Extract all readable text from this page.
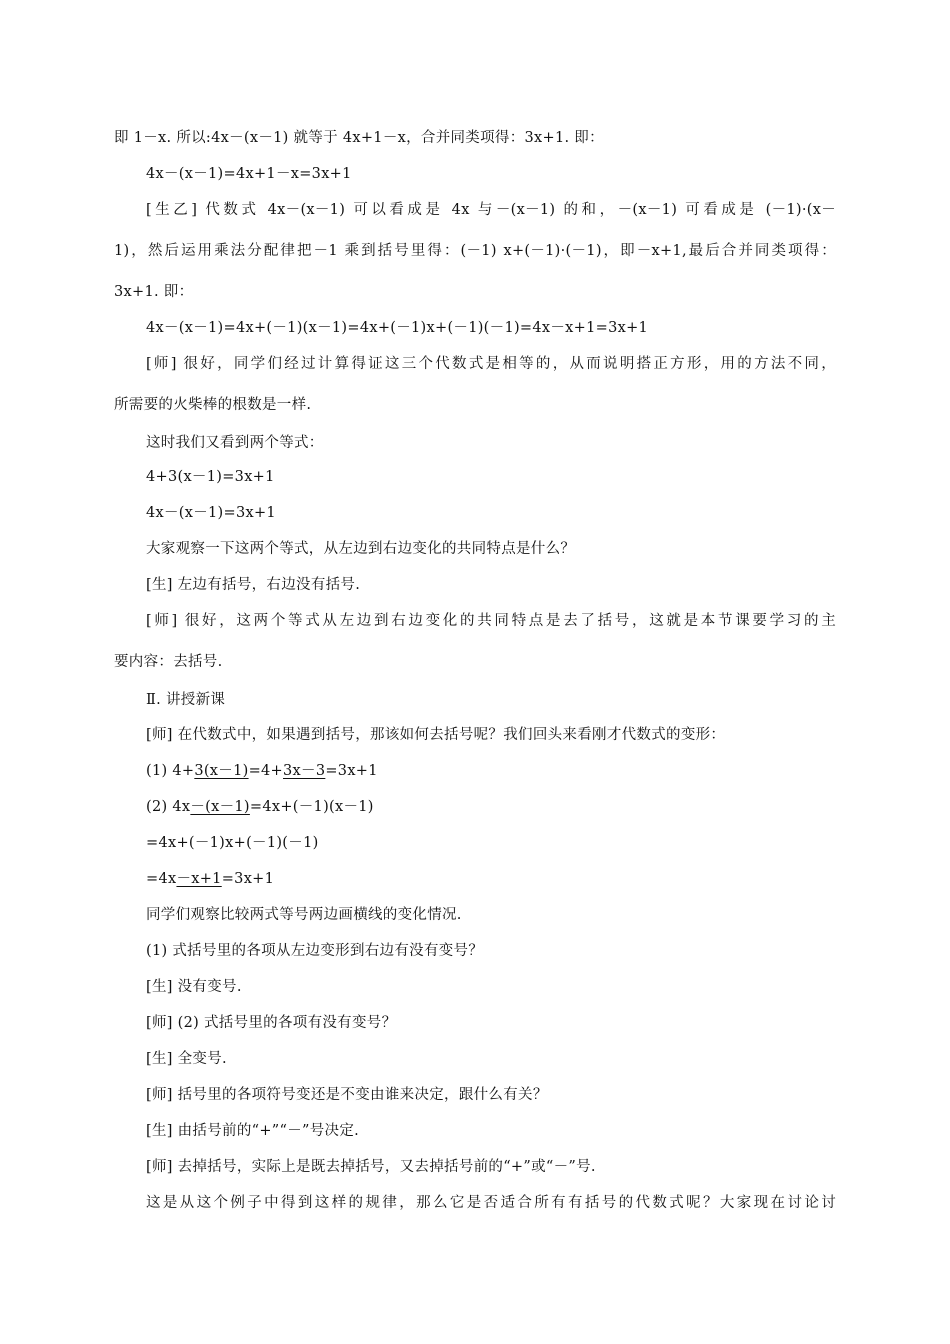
即 1－x. 所以:4x－(x－1) 就等于 4x+1－x，合并同类项得：3x+1. 即：
4x－(x－1)=4x+1－x=3x+1
[生乙] 代数式 4x－(x－1) 可以看成是 4x 与－(x－1) 的和，－(x－1) 可看成是 (－1)·(x－
1)，然后运用乘法分配律把－1 乘到括号里得：(－1) x+(－1)·(－1)，即－x+1,最后合并同类项得：
3x+1. 即：
4x－(x－1)=4x+(－1)(x－1)=4x+(－1)x+(－1)(－1)=4x－x+1=3x+1
[师] 很好，同学们经过计算得证这三个代数式是相等的，从而说明搭正方形，用的方法不同，
所需要的火柴棒的根数是一样.
这时我们又看到两个等式：
4+3(x－1)=3x+1
4x－(x－1)=3x+1
大家观察一下这两个等式，从左边到右边变化的共同特点是什么？
[生] 左边有括号，右边没有括号.
[师] 很好，这两个等式从左边到右边变化的共同特点是去了括号，这就是本节课要学习的主
要内容：去括号.
Ⅱ. 讲授新课
[师] 在代数式中，如果遇到括号，那该如何去括号呢？我们回头来看刚才代数式的变形：
(1) 4+3(x－1)=4+3x－3=3x+1
(2) 4x－(x－1)=4x+(－1)(x－1)
=4x+(－1)x+(－1)(－1)
=4x－x+1=3x+1
同学们观察比较两式等号两边画横线的变化情况.
(1) 式括号里的各项从左边变形到右边有没有变号？
[生] 没有变号.
[师] (2) 式括号里的各项有没有变号？
[生] 全变号.
[师] 括号里的各项符号变还是不变由谁来决定，跟什么有关？
[生] 由括号前的“+”“－”号决定.
[师] 去掉括号，实际上是既去掉括号，又去掉括号前的“+”或“－”号.
这是从这个例子中得到这样的规律，那么它是否适合所有有括号的代数式呢？大家现在讨论讨
